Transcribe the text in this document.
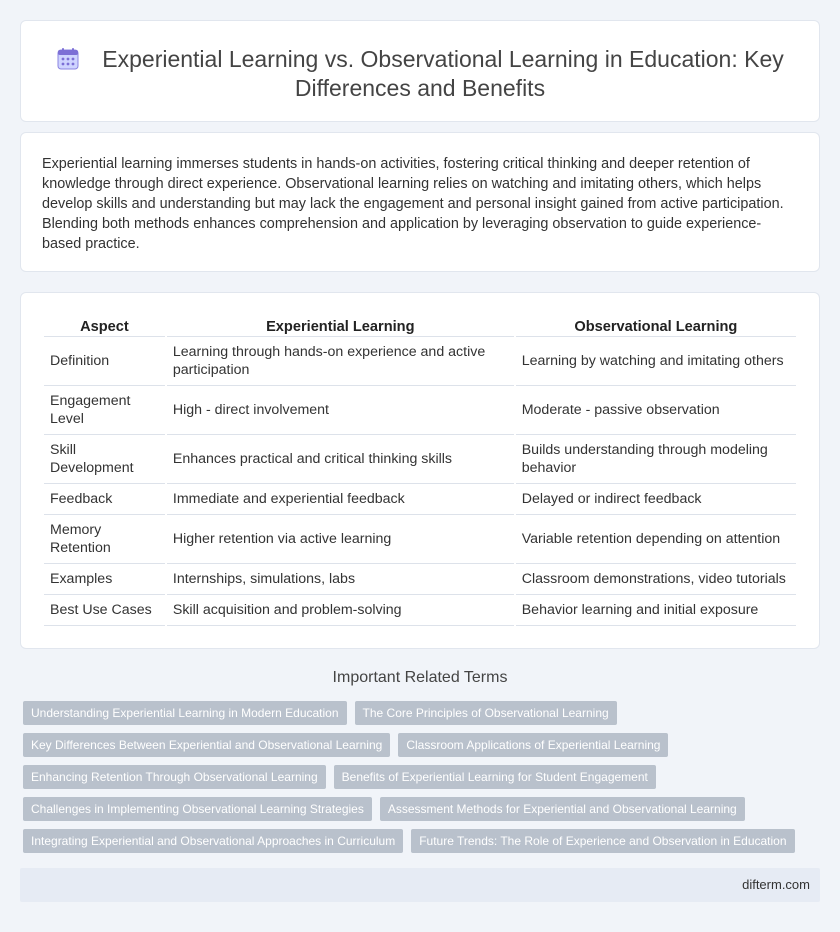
Experiential Learning vs. Observational Learning in Education: Key Differences and Benefits

Experiential learning immerses students in hands-on activities, fostering critical thinking and deeper retention of knowledge through direct experience. Observational learning relies on watching and imitating others, which helps develop skills and understanding but may lack the engagement and personal insight gained from active participation. Blending both methods enhances comprehension and application by leveraging observation to guide experience-based practice.

Aspect	Experiential Learning	Observational Learning
Definition	Learning through hands-on experience and active participation	Learning by watching and imitating others
Engagement Level	High - direct involvement	Moderate - passive observation
Skill Development	Enhances practical and critical thinking skills	Builds understanding through modeling behavior
Feedback	Immediate and experiential feedback	Delayed or indirect feedback
Memory Retention	Higher retention via active learning	Variable retention depending on attention
Examples	Internships, simulations, labs	Classroom demonstrations, video tutorials
Best Use Cases	Skill acquisition and problem-solving	Behavior learning and initial exposure
Important Related Terms
Understanding Experiential Learning in Modern Education	The Core Principles of Observational Learning
Key Differences Between Experiential and Observational Learning	Classroom Applications of Experiential Learning
Enhancing Retention Through Observational Learning	Benefits of Experiential Learning for Student Engagement
Challenges in Implementing Observational Learning Strategies	Assessment Methods for Experiential and Observational Learning
Integrating Experiential and Observational Approaches in Curriculum	Future Trends: The Role of Experience and Observation in Education
difterm.com
